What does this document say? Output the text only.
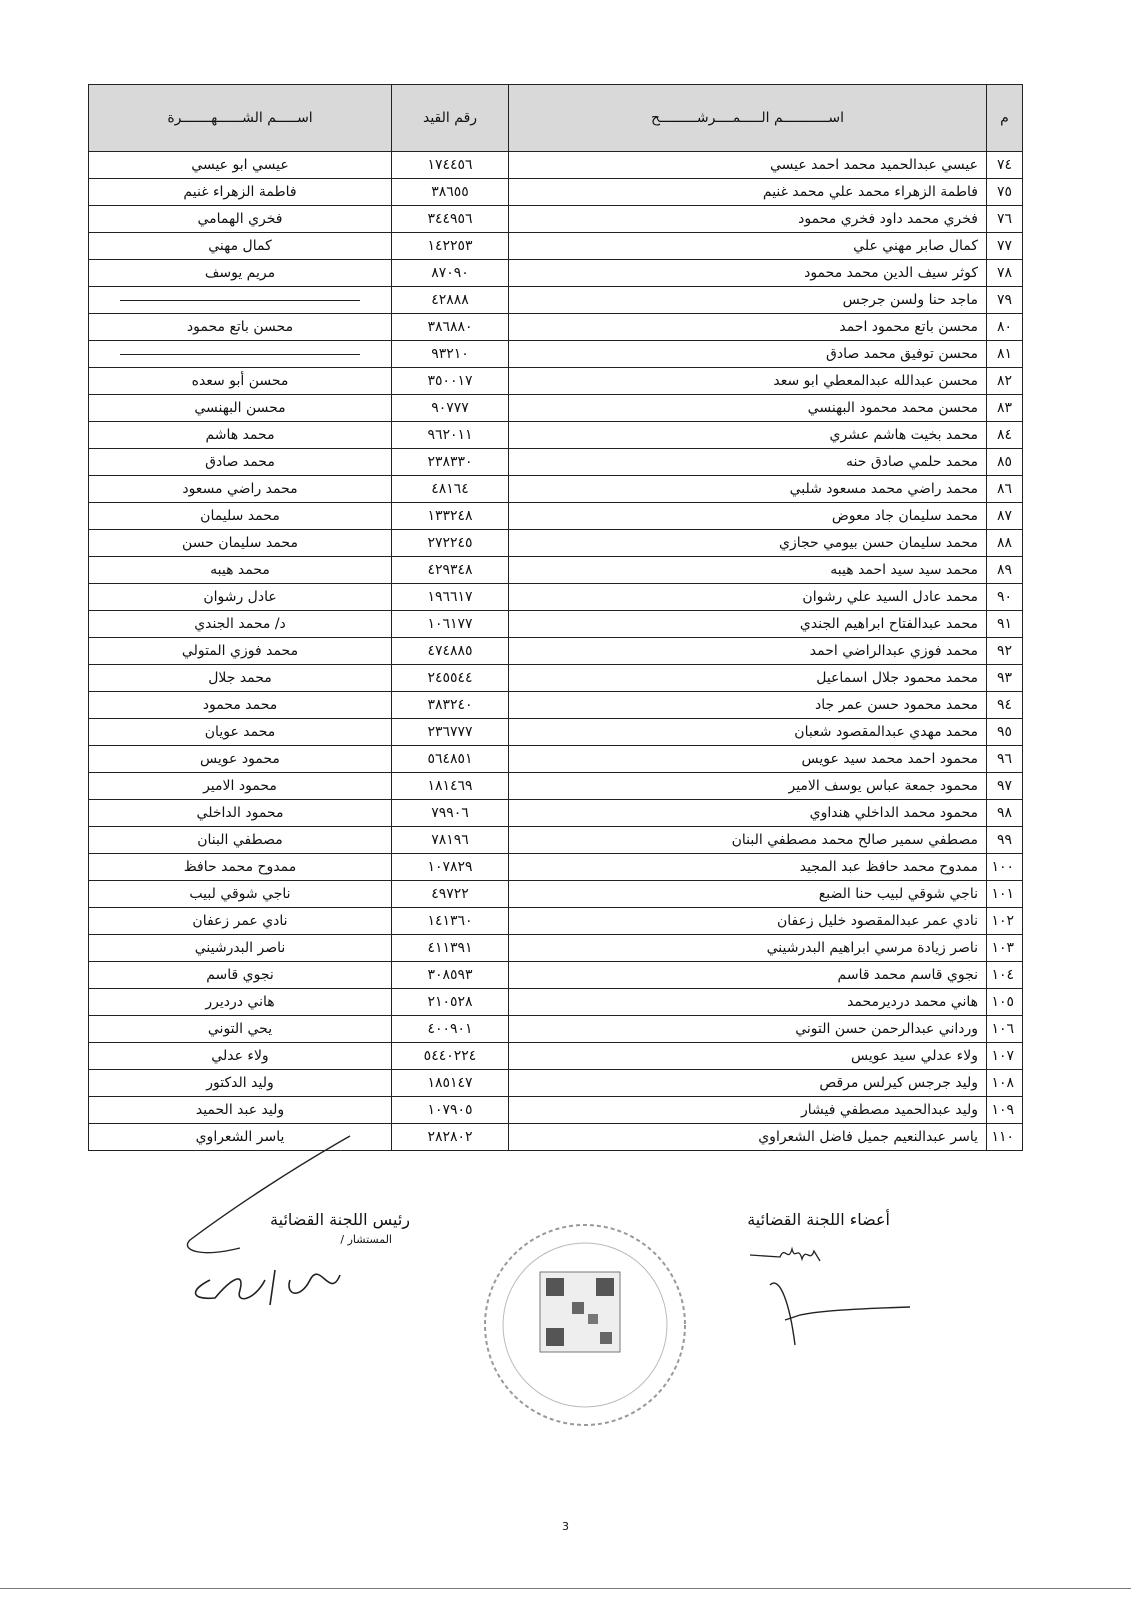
م	اســـــــــــم الـــــمــــرشـــــــــح	رقم القيد	اســـــم الشــــــهـــــــرة
٧٤	عيسي عبدالحميد محمد احمد عيسي	١٧٤٤٥٦	عيسي ابو عيسي
٧٥	فاطمة الزهراء محمد علي محمد غنيم	٣٨٦٥٥	فاطمة الزهراء غنيم
٧٦	فخري محمد داود فخري محمود	٣٤٤٩٥٦	فخري الهمامي
٧٧	كمال صابر مهني علي	١٤٢٢٥٣	كمال مهني
٧٨	كوثر سيف الدين محمد محمود	٨٧٠٩٠	مريم يوسف
٧٩	ماجد حنا ولسن جرجس	٤٢٨٨٨	
٨٠	محسن باتع محمود احمد	٣٨٦٨٨٠	محسن باتع محمود
٨١	محسن توفيق محمد صادق	٩٣٢١٠	
٨٢	محسن عبدالله عبدالمعطي ابو سعد	٣٥٠٠١٧	محسن أبو سعده
٨٣	محسن محمد محمود البهنسي	٩٠٧٧٧	محسن البهنسي
٨٤	محمد بخيت هاشم عشري	٩٦٢٠١١	محمد هاشم
٨٥	محمد حلمي صادق حنه	٢٣٨٣٣٠	محمد صادق
٨٦	محمد راضي محمد مسعود شلبي	٤٨١٦٤	محمد راضي مسعود
٨٧	محمد سليمان جاد معوض	١٣٣٢٤٨	محمد سليمان
٨٨	محمد سليمان حسن بيومي حجازي	٢٧٢٢٤٥	محمد سليمان حسن
٨٩	محمد سيد سيد احمد هيبه	٤٢٩٣٤٨	محمد هيبه
٩٠	محمد عادل السيد علي رشوان	١٩٦٦١٧	عادل رشوان
٩١	محمد عبدالفتاح ابراهيم الجندي	١٠٦١٧٧	د/ محمد الجندي
٩٢	محمد فوزي عبدالراضي احمد	٤٧٤٨٨٥	محمد فوزي المتولي
٩٣	محمد محمود جلال اسماعيل	٢٤٥٥٤٤	محمد جلال
٩٤	محمد محمود حسن عمر جاد	٣٨٣٢٤٠	محمد محمود
٩٥	محمد مهدي عبدالمقصود شعبان	٢٣٦٧٧٧	محمد عويان
٩٦	محمود احمد محمد سيد عويس	٥٦٤٨٥١	محمود عويس
٩٧	محمود جمعة عباس يوسف الامير	١٨١٤٦٩	محمود الامير
٩٨	محمود محمد الداخلي هنداوي	٧٩٩٠٦	محمود الداخلي
٩٩	مصطفي سمير صالح محمد مصطفي البنان	٧٨١٩٦	مصطفي البنان
١٠٠	ممدوح محمد حافظ عبد المجيد	١٠٧٨٢٩	ممدوح محمد حافظ
١٠١	ناجي شوقي لبيب حنا الضبع	٤٩٧٢٢	ناجي شوقي لبيب
١٠٢	نادي عمر عبدالمقصود خليل زعفان	١٤١٣٦٠	نادي عمر زعفان
١٠٣	ناصر زيادة مرسي ابراهيم البدرشيني	٤١١٣٩١	ناصر البدرشيني
١٠٤	نجوي قاسم محمد قاسم	٣٠٨٥٩٣	نجوي قاسم
١٠٥	هاني محمد درديرمحمد	٢١٠٥٢٨	هاني درديرر
١٠٦	ورداني عبدالرحمن حسن التوني	٤٠٠٩٠١	يحي التوني
١٠٧	ولاء عدلي سيد عويس	٥٤٤٠٢٢٤	ولاء عدلي
١٠٨	وليد جرجس كيرلس مرقص	١٨٥١٤٧	وليد الدكتور
١٠٩	وليد عبدالحميد مصطفي فيشار	١٠٧٩٠٥	وليد عبد الحميد
١١٠	ياسر عبدالنعيم جميل فاضل الشعراوي	٢٨٢٨٠٢	ياسر الشعراوي
رئيس اللجنة القضائية
المستشار /
أعضاء اللجنة القضائية
3
